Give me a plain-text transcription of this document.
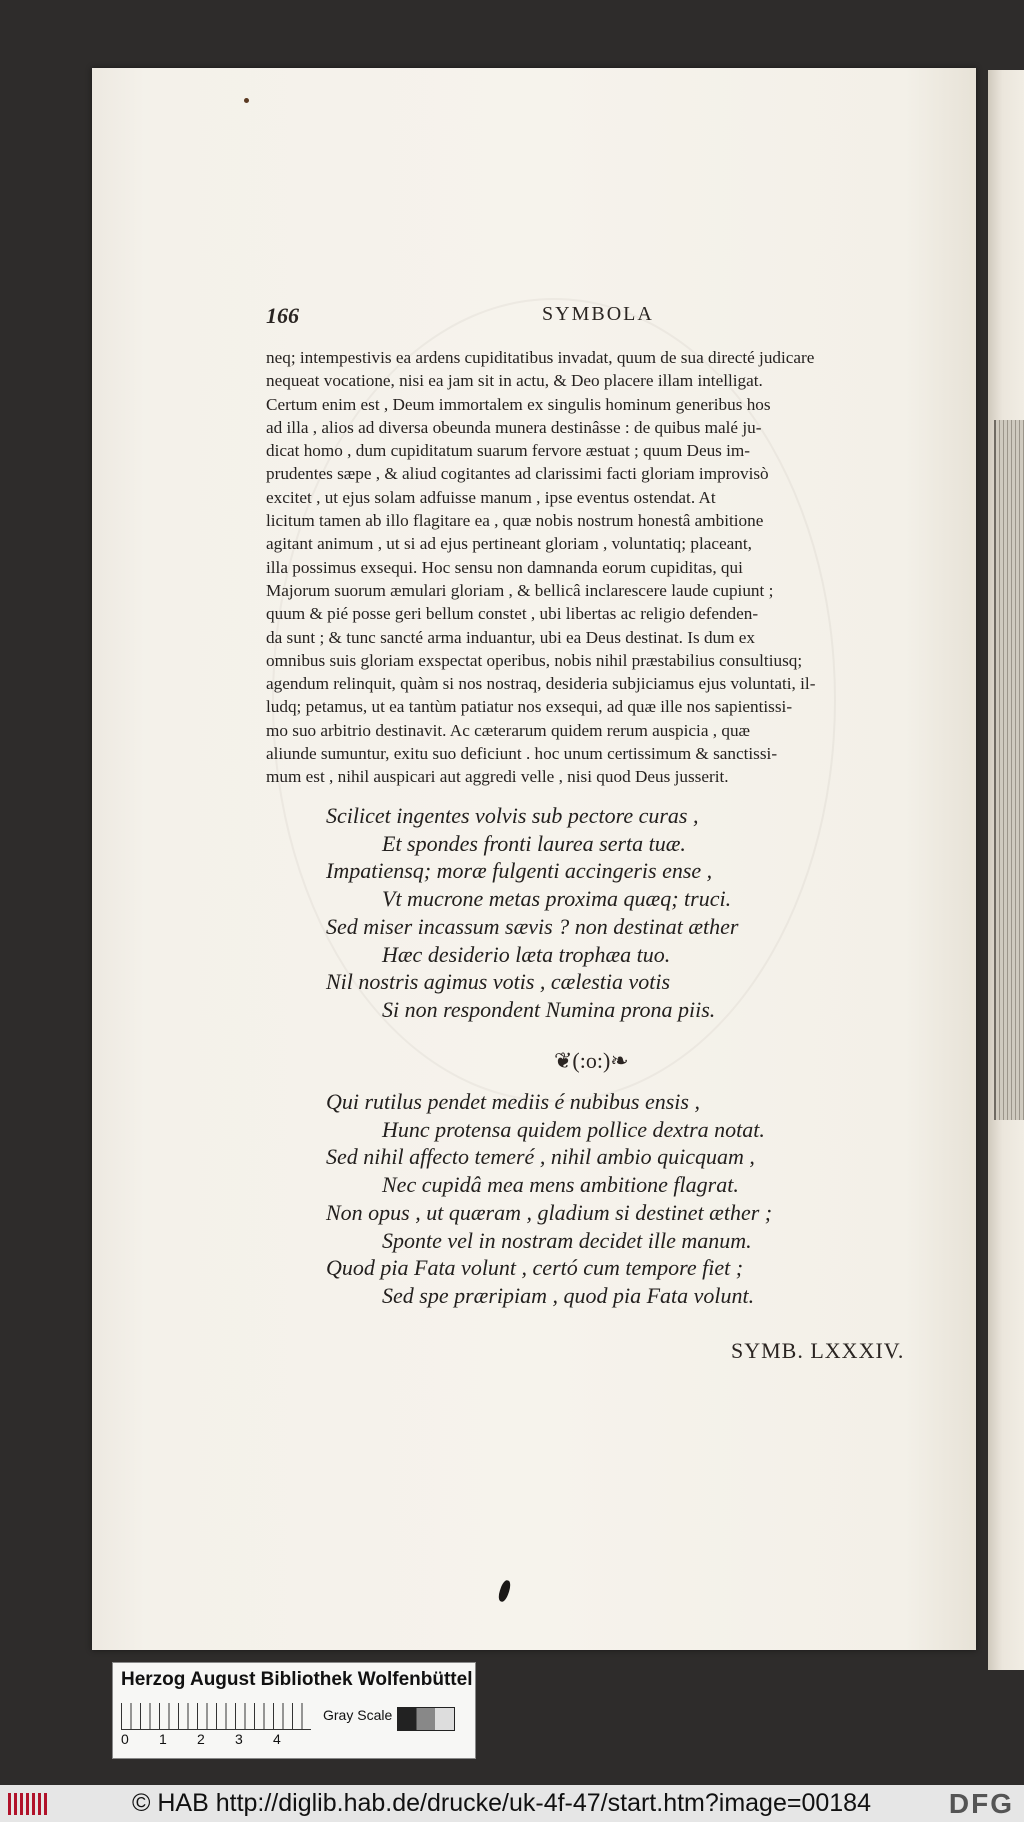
166	SYMBOLA
neq; intempestivis ea ardens cupiditatibus invadat, quum de sua directé judicare
nequeat vocatione, nisi ea jam sit in actu, & Deo placere illam intelligat.
Certum enim est , Deum immortalem ex singulis hominum generibus hos
ad illa , alios ad diversa obeunda munera destinâsse : de quibus malé ju-
dicat homo , dum cupiditatum suarum fervore æstuat ; quum Deus im-
prudentes sæpe , & aliud cogitantes ad clarissimi facti gloriam improvisò
excitet , ut ejus solam adfuisse manum , ipse eventus ostendat. At
licitum tamen ab illo flagitare ea , quæ nobis nostrum honestâ ambitione
agitant animum , ut si ad ejus pertineant gloriam , voluntatiq; placeant,
illa possimus exsequi. Hoc sensu non damnanda eorum cupiditas, qui
Majorum suorum æmulari gloriam , & bellicâ inclarescere laude cupiunt ;
quum & pié posse geri bellum constet , ubi libertas ac religio defenden-
da sunt ; & tunc sancté arma induantur, ubi ea Deus destinat. Is dum ex
omnibus suis gloriam exspectat operibus, nobis nihil præstabilius consultiusq;
agendum relinquit, quàm si nos nostraq, desideria subjiciamus ejus voluntati, il-
ludq; petamus, ut ea tantùm patiatur nos exsequi, ad quæ ille nos sapientissi-
mo suo arbitrio destinavit. Ac cæterarum quidem rerum auspicia , quæ
aliunde sumuntur, exitu suo deficiunt . hoc unum certissimum & sanctissi-
mum est , nihil auspicari aut aggredi velle , nisi quod Deus jusserit.
Scilicet ingentes volvis sub pectore curas ,
Et spondes fronti laurea serta tuæ.
Impatiensq; moræ fulgenti accingeris ense ,
Vt mucrone metas proxima quæq; truci.
Sed miser incassum sævis ? non destinat æther
Hæc desiderio læta trophæa tuo.
Nil nostris agimus votis , cælestia votis
Si non respondent Numina prona piis.
❦(:o:)❧
Qui rutilus pendet mediis é nubibus ensis ,
Hunc protensa quidem pollice dextra notat.
Sed nihil affecto temeré , nihil ambio quicquam ,
Nec cupidâ mea mens ambitione flagrat.
Non opus , ut quæram , gladium si destinet æther ;
Sponte vel in nostram decidet ille manum.
Quod pia Fata volunt , certó cum tempore fiet ;
Sed spe præripiam , quod pia Fata volunt.
SYMB. LXXXIV.
Herzog August Bibliothek Wolfenbüttel
0 1 2 3 4
Gray Scale
© HAB http://diglib.hab.de/drucke/uk-4f-47/start.htm?image=00184	DFG
